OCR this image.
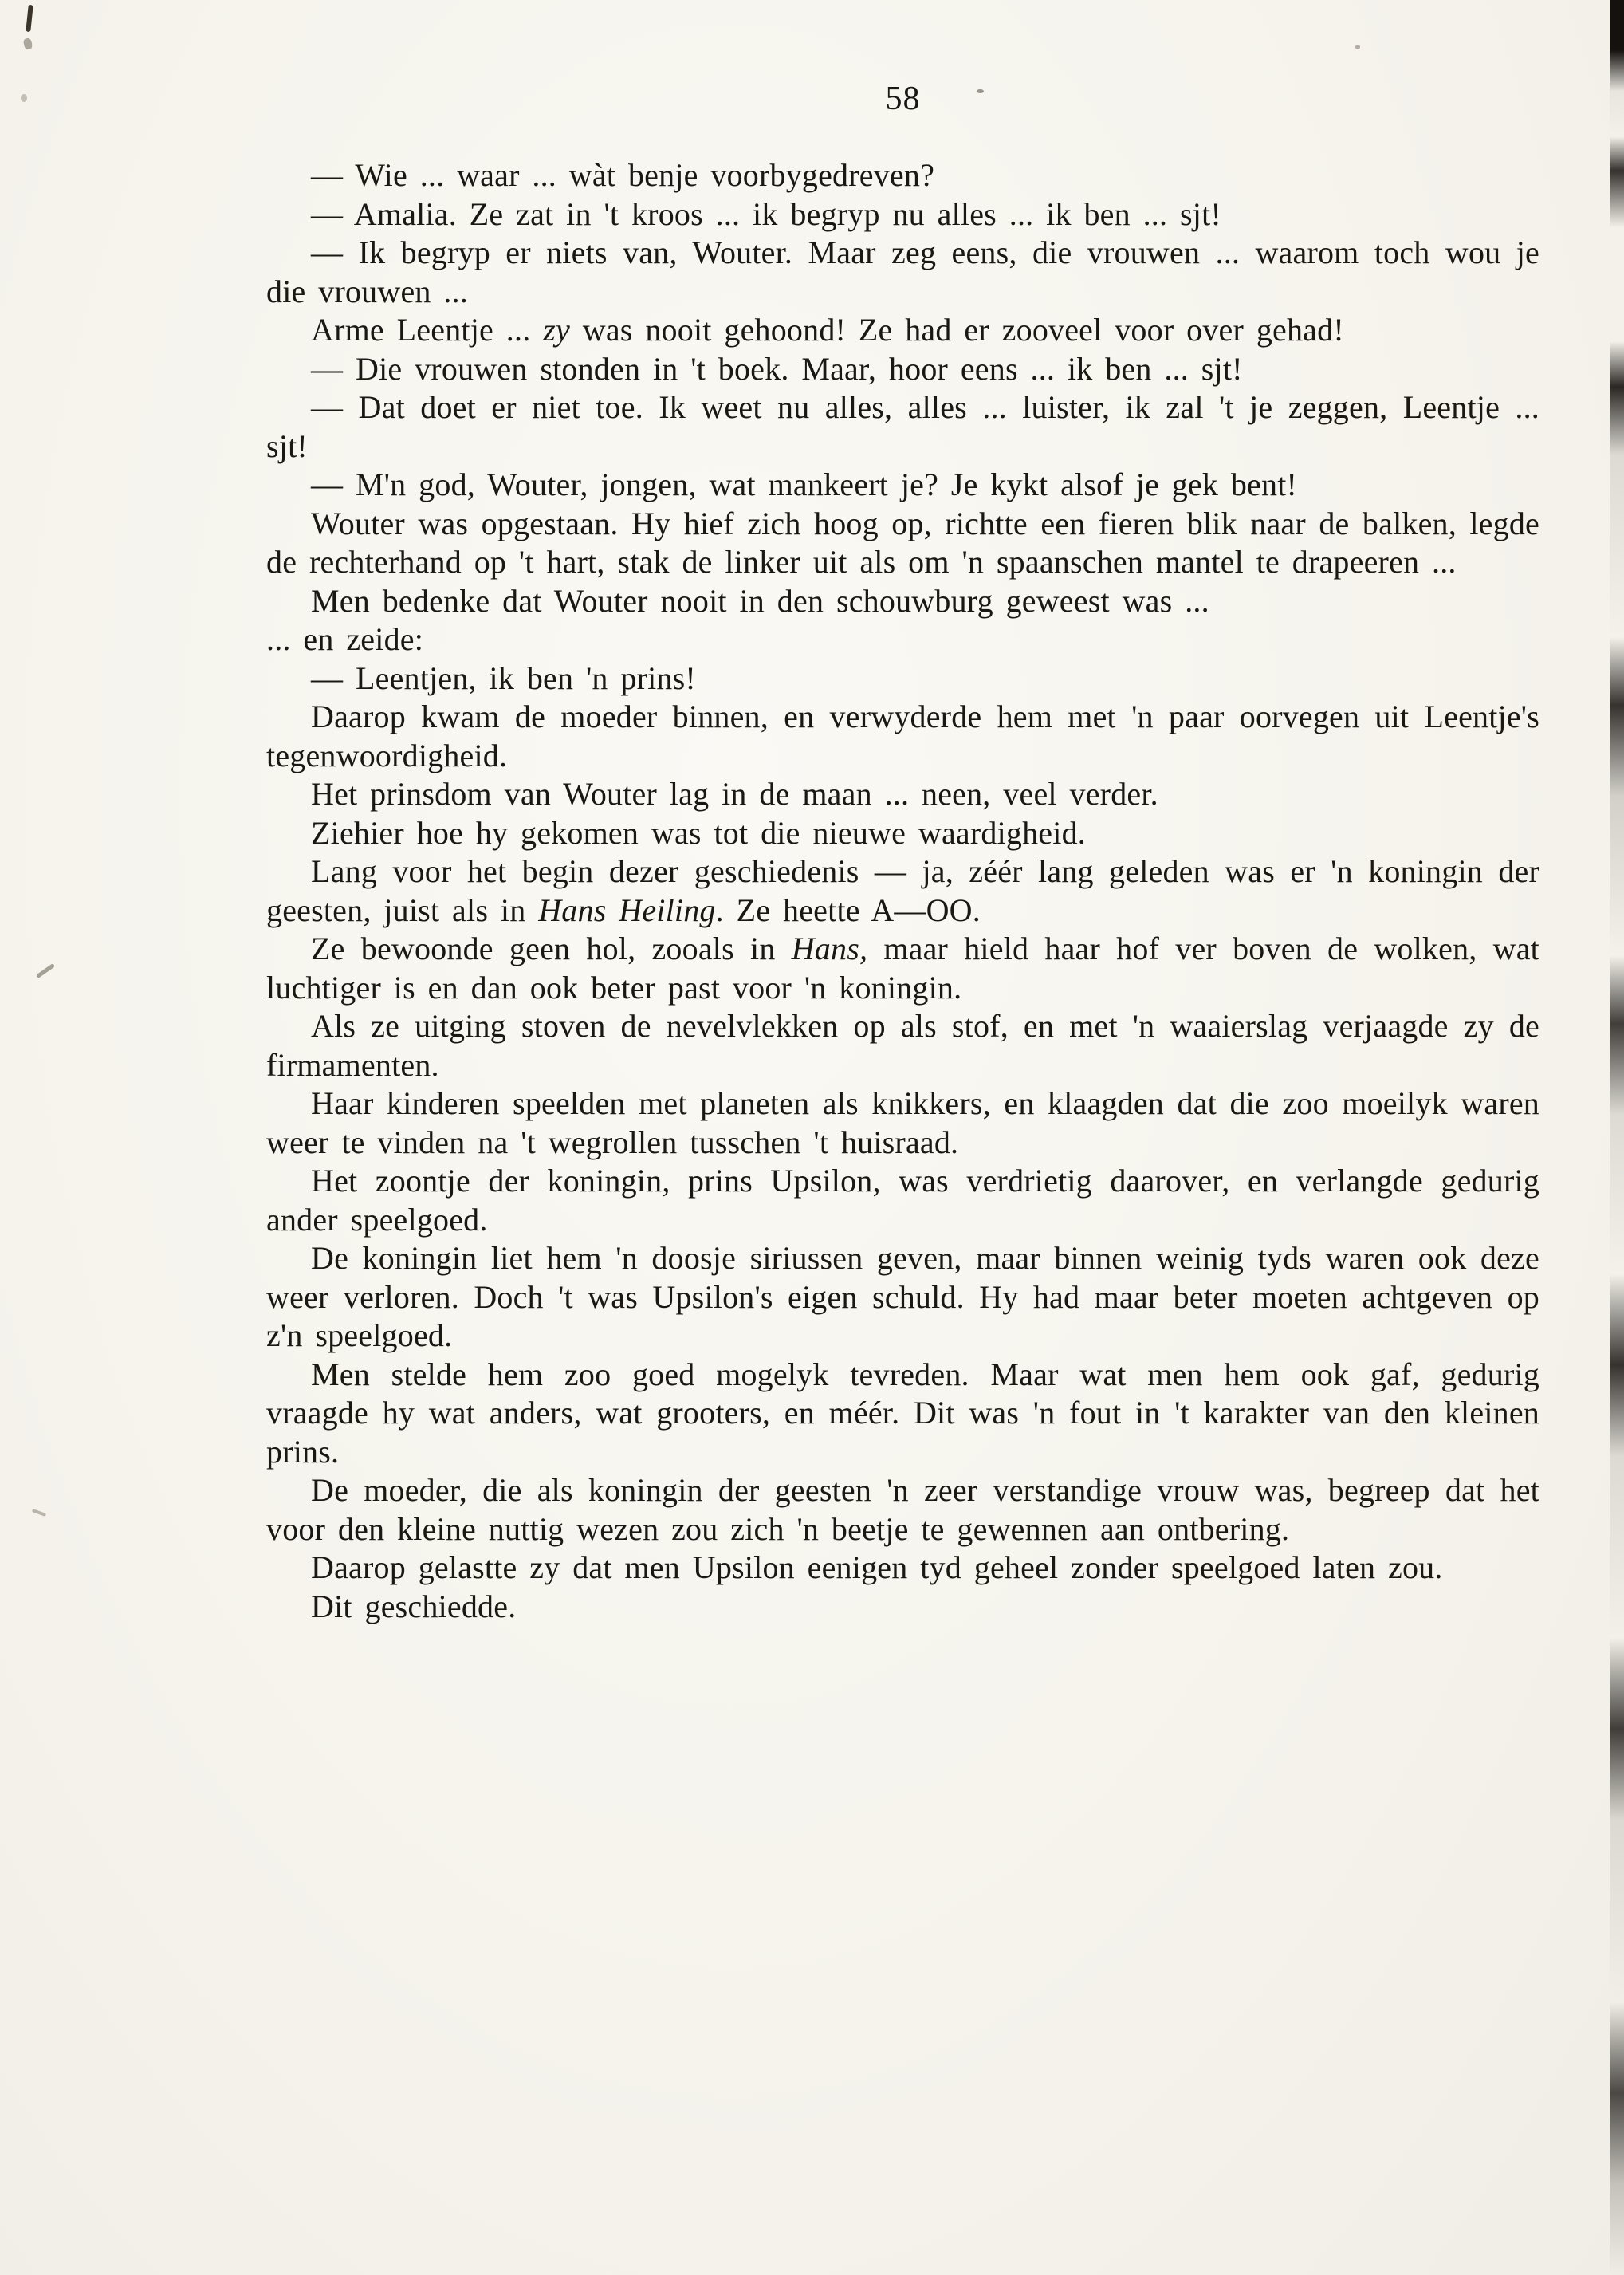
58

— Wie ... waar ... wàt benje voorbygedreven?

— Amalia. Ze zat in 't kroos ... ik begryp nu alles ... ik ben ... sjt!

— Ik begryp er niets van, Wouter. Maar zeg eens, die vrouwen ... waarom toch wou je die vrouwen ...

Arme Leentje ... zy was nooit gehoond! Ze had er zooveel voor over gehad!

— Die vrouwen stonden in 't boek. Maar, hoor eens ... ik ben ... sjt!

— Dat doet er niet toe. Ik weet nu alles, alles ... luister, ik zal 't je zeggen, Leentje ... sjt!

— M'n god, Wouter, jongen, wat mankeert je? Je kykt alsof je gek bent!

Wouter was opgestaan. Hy hief zich hoog op, richtte een fieren blik naar de balken, legde de rechterhand op 't hart, stak de linker uit als om 'n spaanschen mantel te drapeeren ...

Men bedenke dat Wouter nooit in den schouwburg geweest was ...

... en zeide:

— Leentjen, ik ben 'n prins!

Daarop kwam de moeder binnen, en verwyderde hem met 'n paar oorvegen uit Leentje's tegenwoordigheid.

Het prinsdom van Wouter lag in de maan ... neen, veel verder.

Ziehier hoe hy gekomen was tot die nieuwe waardigheid.

Lang voor het begin dezer geschiedenis — ja, zéér lang geleden was er 'n koningin der geesten, juist als in Hans Heiling. Ze heette A—OO.

Ze bewoonde geen hol, zooals in Hans, maar hield haar hof ver boven de wolken, wat luchtiger is en dan ook beter past voor 'n koningin.

Als ze uitging stoven de nevelvlekken op als stof, en met 'n waaierslag verjaagde zy de firmamenten.

Haar kinderen speelden met planeten als knikkers, en klaagden dat die zoo moeilyk waren weer te vinden na 't wegrollen tusschen 't huisraad.

Het zoontje der koningin, prins Upsilon, was verdrietig daarover, en verlangde gedurig ander speelgoed.

De koningin liet hem 'n doosje siriussen geven, maar binnen weinig tyds waren ook deze weer verloren. Doch 't was Upsilon's eigen schuld. Hy had maar beter moeten achtgeven op z'n speelgoed.

Men stelde hem zoo goed mogelyk tevreden. Maar wat men hem ook gaf, gedurig vraagde hy wat anders, wat grooters, en méér. Dit was 'n fout in 't karakter van den kleinen prins.

De moeder, die als koningin der geesten 'n zeer verstandige vrouw was, begreep dat het voor den kleine nuttig wezen zou zich 'n beetje te gewennen aan ontbering.

Daarop gelastte zy dat men Upsilon eenigen tyd geheel zonder speelgoed laten zou.

Dit geschiedde.
